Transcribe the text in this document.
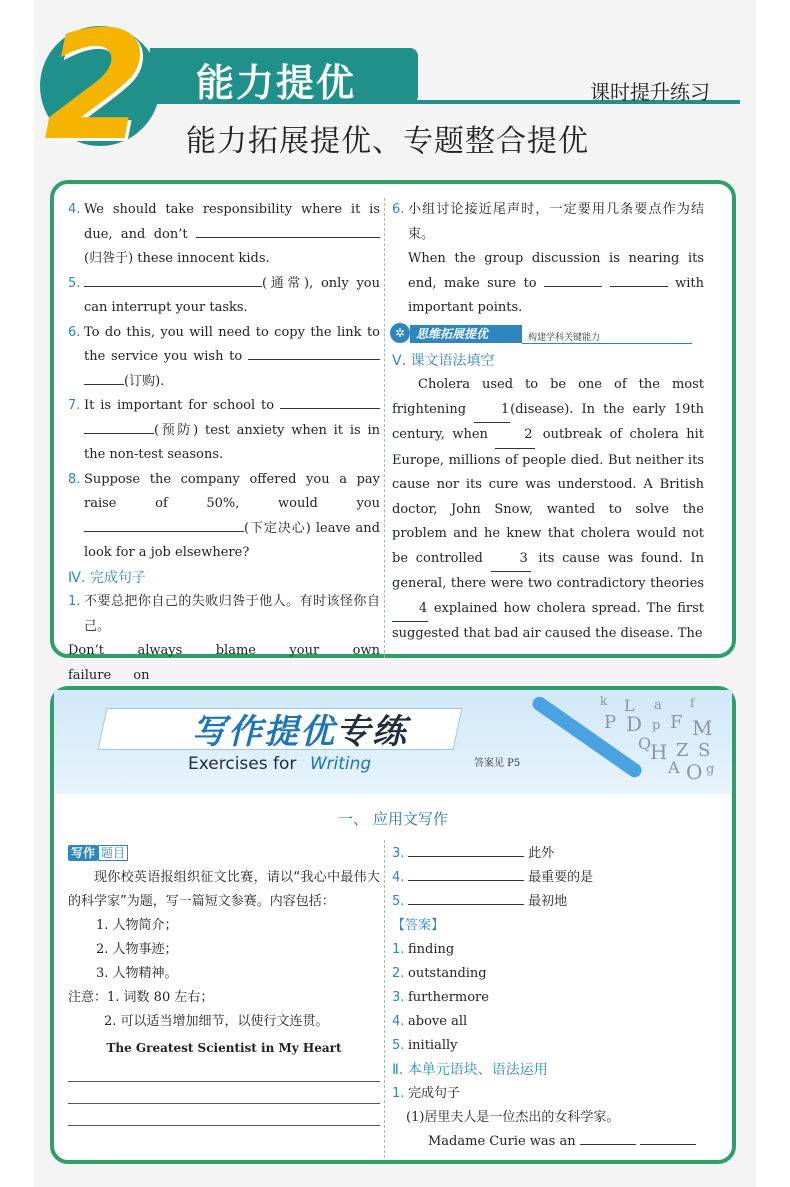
2	能力提优	课时提升练习
能力拓展提优、专题整合提优
4. We should take responsibility where it is due, and don’t (归咎于) these innocent kids.
5.	(通常), only you can interrupt your tasks.
6. To do this, you will need to copy the link to the service you wish to  (订购).
7. It is important for school to  (预防) test anxiety when it is in the non-test seasons.
8. Suppose the company offered you a pay raise of 50%, would you (下定决心) leave and look for a job elsewhere?
Ⅳ. 完成句子
1. 不要总把你自己的失败归咎于他人。有时该怪你自己。
Don’t always blame your own failure on
6. 小组讨论接近尾声时，一定要用几条要点作为结束。
When the group discussion is nearing its end, make sure to	with important points.
✲ 思维拓展提优	构建学科关键能力
Ⅴ. 课文语法填空
Cholera used to be one of the most frightening	1(disease). In the early 19th century, when	2 outbreak of cholera hit Europe, millions of people died. But neither its cause nor its cure was understood. A British doctor, John Snow, wanted to solve the problem and he knew that cholera would not be controlled	3 its cause was found. In general, there were two contradictory theories 4 explained how cholera spread. The first suggested that bad air caused the disease. The
写作提优专练
Exercises for Writing	答案见 P5
k L a f
P D p F M
Q
H Z S
A O g
一、 应用文写作
写作 题目
现你校英语报组织征文比赛，请以“我心中最伟大的科学家”为题，写一篇短文参赛。内容包括：
1. 人物简介；
2. 人物事迹；
3. 人物精神。
注意：1. 词数 80 左右；
2. 可以适当增加细节，以使行文连贯。
The Greatest Scientist in My Heart
3.	此外
4.	最重要的是
5.	最初地
【答案】
1. finding
2. outstanding
3. furthermore
4. above all
5. initially
Ⅱ. 本单元语块、语法运用
1. 完成句子
(1)居里夫人是一位杰出的女科学家。
Madame Curie was an
